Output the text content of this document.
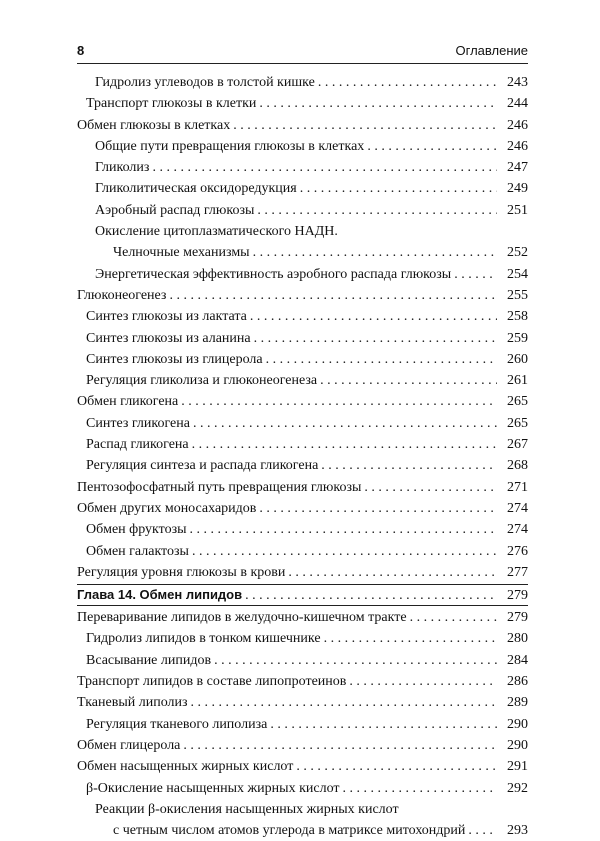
8	Оглавление
Гидролиз углеводов в толстой кишке . . .	243
Транспорт глюкозы в клетки . . .	244
Обмен глюкозы в клетках . . .	246
Общие пути превращения глюкозы в клетках . . .	246
Гликолиз . . .	247
Гликолитическая оксидоредукция . . .	249
Аэробный распад глюкозы . . .	251
Окисление цитоплазматического НАДН.
Челночные механизмы . . .	252
Энергетическая эффективность аэробного распада глюкозы . . .	254
Глюконеогенез . . .	255
Синтез глюкозы из лактата . . .	258
Синтез глюкозы из аланина . . .	259
Синтез глюкозы из глицерола . . .	260
Регуляция гликолиза и глюконеогенеза . . .	261
Обмен гликогена . . .	265
Синтез гликогена . . .	265
Распад гликогена . . .	267
Регуляция синтеза и распада гликогена . . .	268
Пентозофосфатный путь превращения глюкозы . . .	271
Обмен других моносахаридов . . .	274
Обмен фруктозы . . .	274
Обмен галактозы . . .	276
Регуляция уровня глюкозы в крови . . .	277
Глава 14. Обмен липидов . . .	279
Переваривание липидов в желудочно-кишечном тракте . . .	279
Гидролиз липидов в тонком кишечнике . . .	280
Всасывание липидов . . .	284
Транспорт липидов в составе липопротеинов . . .	286
Тканевый липолиз . . .	289
Регуляция тканевого липолиза . . .	290
Обмен глицерола . . .	290
Обмен насыщенных жирных кислот . . .	291
β-Окисление насыщенных жирных кислот . . .	292
Реакции β-окисления насыщенных жирных кислот
с четным числом атомов углерода в матриксе митохондрий . . .	293
